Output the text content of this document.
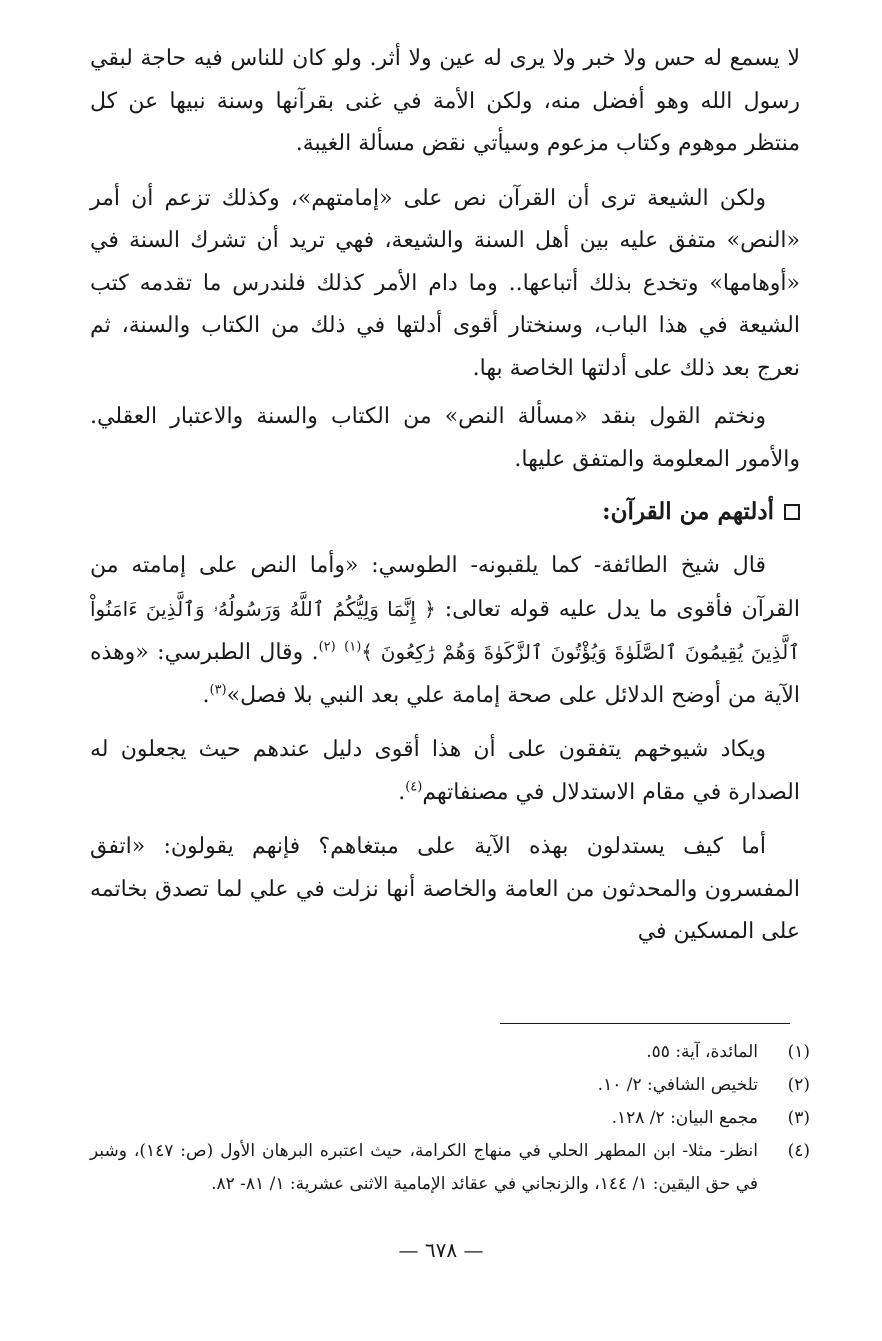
لا يسمع له حس ولا خبر ولا يرى له عين ولا أثر. ولو كان للناس فيه حاجة لبقي رسول الله وهو أفضل منه، ولكن الأمة في غنى بقرآنها وسنة نبيها عن كل منتظر موهوم وكتاب مزعوم وسيأتي نقض مسألة الغيبة.

ولكن الشيعة ترى أن القرآن نص على «إمامتهم»، وكذلك تزعم أن أمر «النص» متفق عليه بين أهل السنة والشيعة، فهي تريد أن تشرك السنة في «أوهامها» وتخدع بذلك أتباعها.. وما دام الأمر كذلك فلندرس ما تقدمه كتب الشيعة في هذا الباب، وسنختار أقوى أدلتها في ذلك من الكتاب والسنة، ثم نعرج بعد ذلك على أدلتها الخاصة بها.

ونختم القول بنقد «مسألة النص» من الكتاب والسنة والاعتبار العقلي. والأمور المعلومة والمتفق عليها.

أدلتهم من القرآن:

قال شيخ الطائفة- كما يلقبونه- الطوسي: «وأما النص على إمامته من القرآن فأقوى ما يدل عليه قوله تعالى: ﴿ إِنَّمَا وَلِيُّكُمُ ٱللَّهُ وَرَسُولُهُۥ وَٱلَّذِينَ ءَامَنُواْ ٱلَّذِينَ يُقِيمُونَ ٱلصَّلَوٰةَ وَيُؤْتُونَ ٱلزَّكَوٰةَ وَهُمْ رَٰكِعُونَ ﴾$^{(١)}$ $^{(٢)}$. وقال الطبرسي: «وهذه الآية من أوضح الدلائل على صحة إمامة علي بعد النبي بلا فصل»$^{(٣)}$.

ويكاد شيوخهم يتفقون على أن هذا أقوى دليل عندهم حيث يجعلون له الصدارة في مقام الاستدلال في مصنفاتهم$^{(٤)}$.

أما كيف يستدلون بهذه الآية على مبتغاهم؟ فإنهم يقولون: «اتفق المفسرون والمحدثون من العامة والخاصة أنها نزلت في علي لما تصدق بخاتمه على المسكين في

(١)
المائدة، آية: ٥٥.
(٢)
تلخيص الشافي: ٢/ ١٠.
(٣)
مجمع البيان: ٢/ ١٢٨.
(٤)
انظر- مثلا- ابن المطهر الحلي في منهاج الكرامة، حيث اعتبره البرهان الأول (ص: ١٤٧)، وشبر في حق اليقين: ١/ ١٤٤، والزنجاني في عقائد الإمامية الاثنى عشرية: ١/ ٨١- ٨٢.
— ٦٧٨ —
